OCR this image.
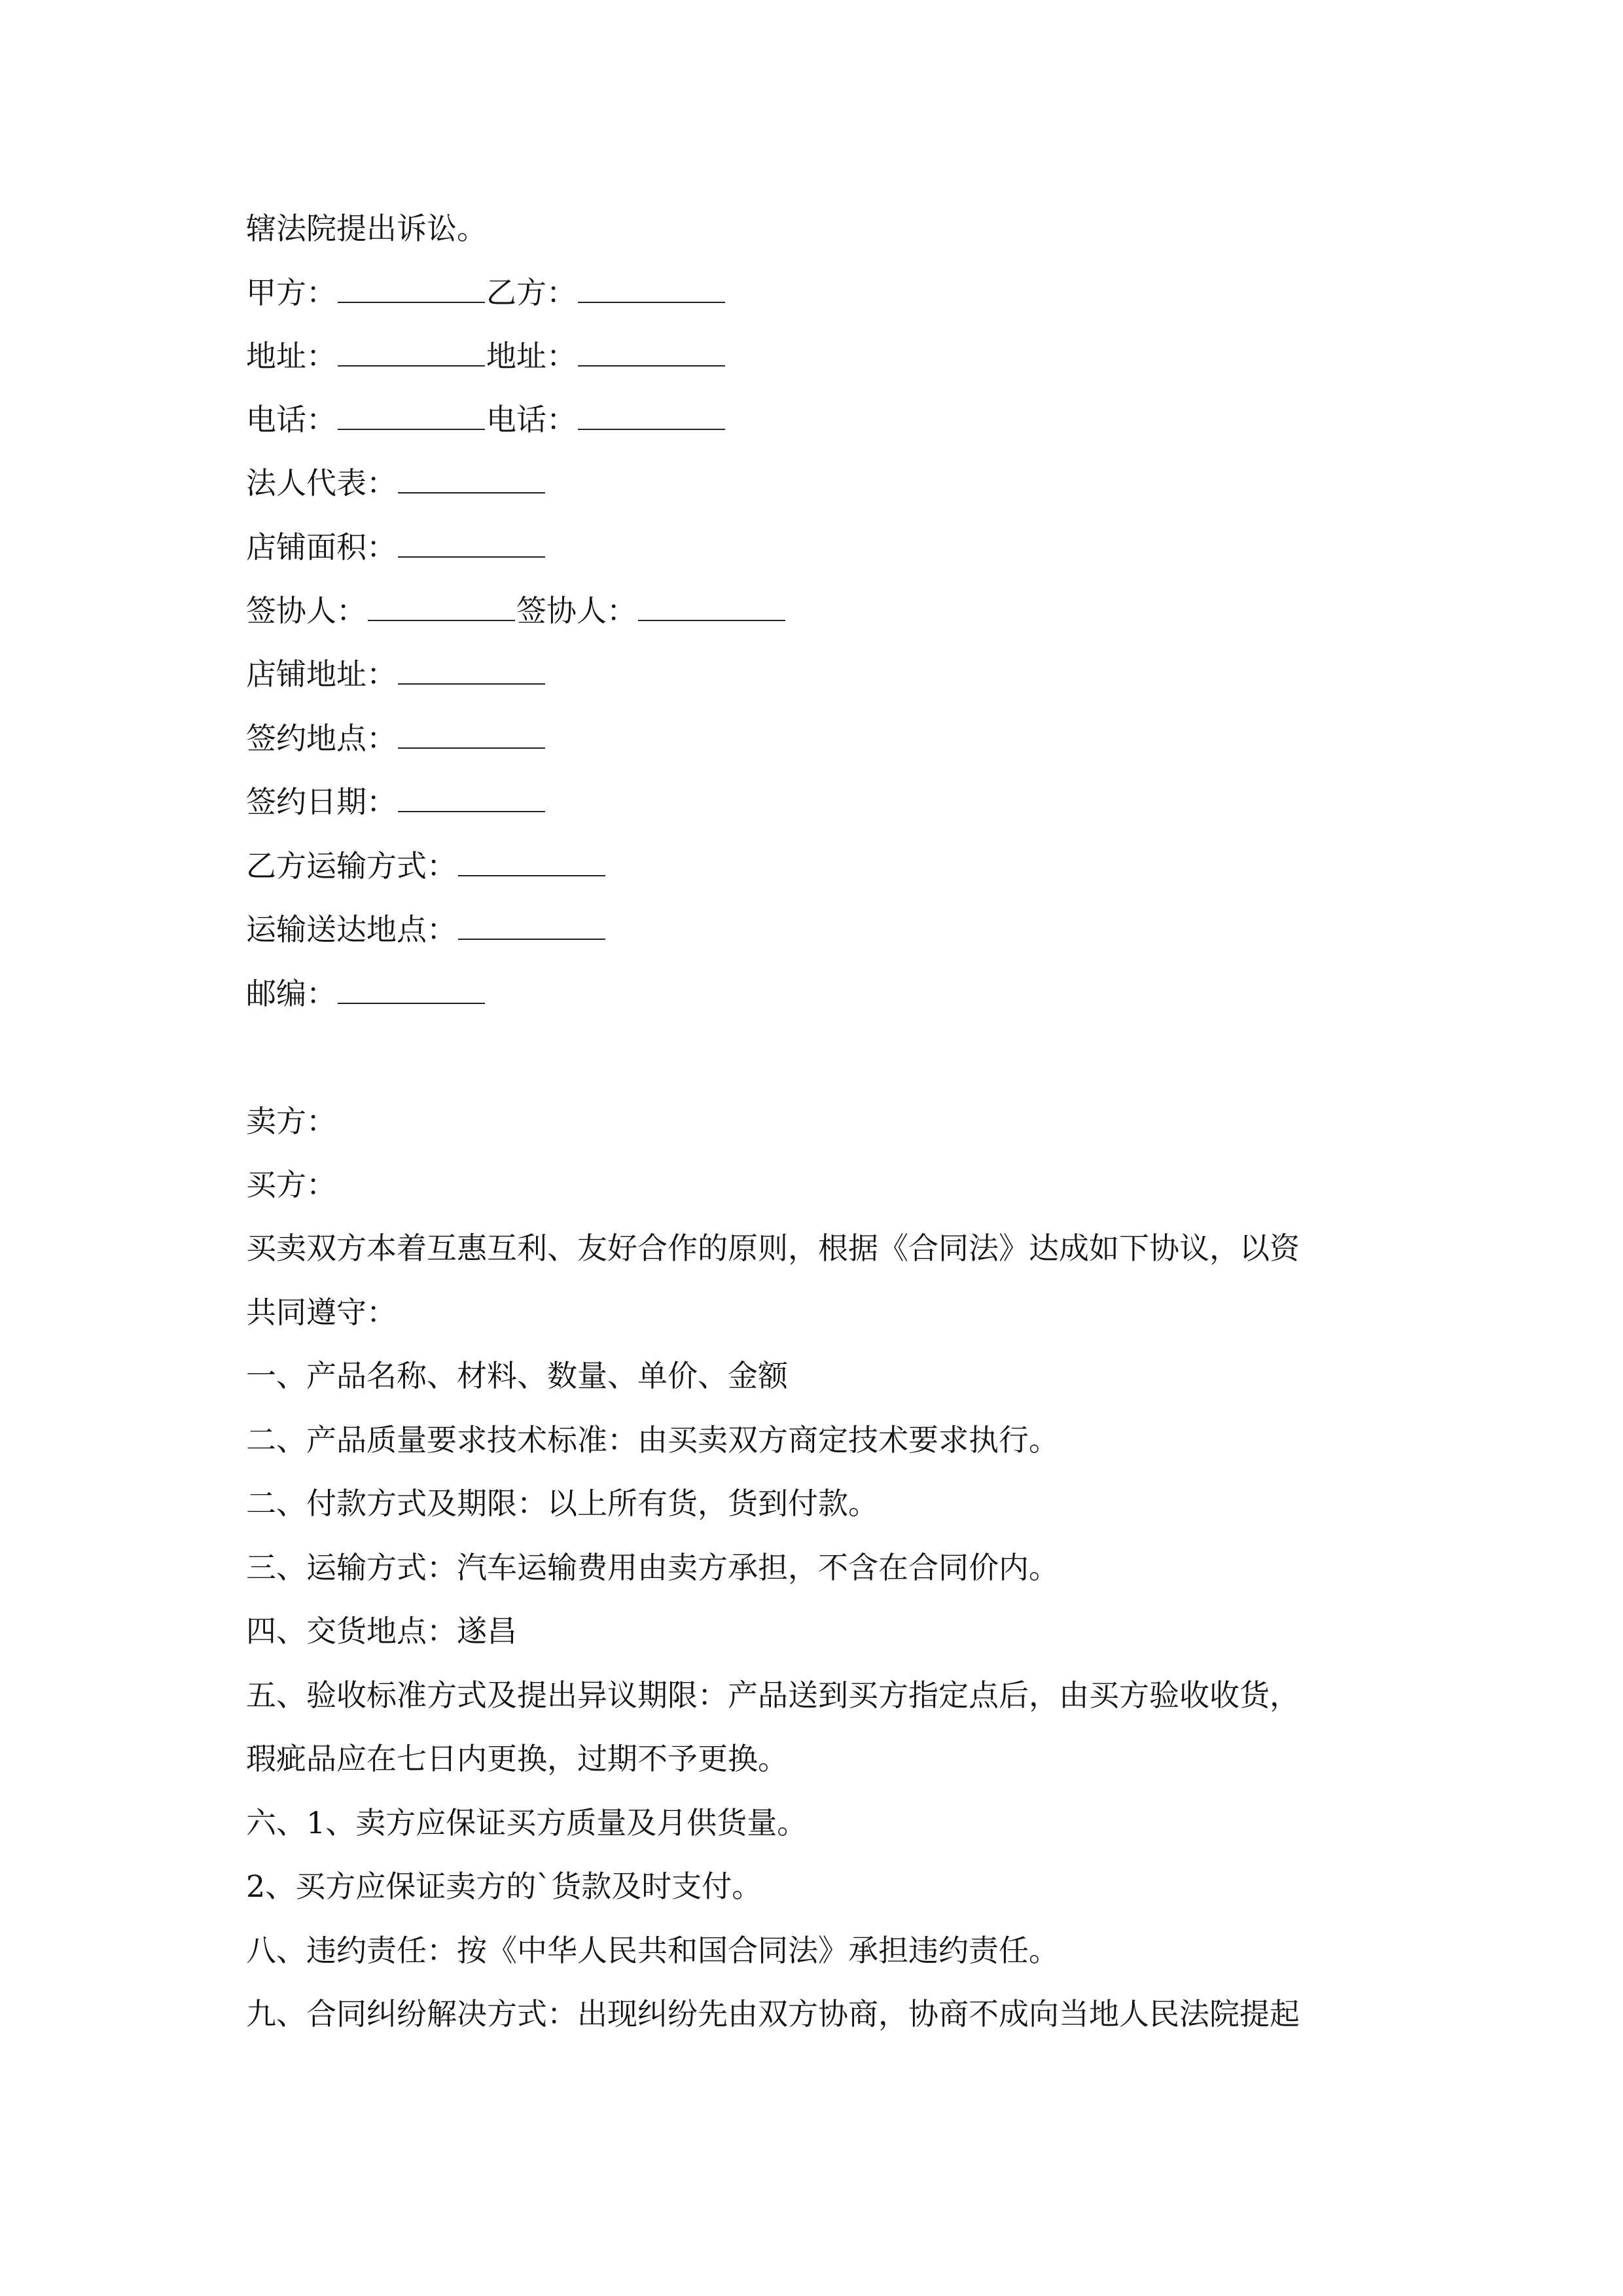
辖法院提出诉讼。
甲方：	乙方：
地址：	地址：
电话：	电话：
法人代表：
店铺面积：
签协人：	签协人：
店铺地址：
签约地点：
签约日期：
乙方运输方式：
运输送达地点：
邮编：
卖方：
买方：
买卖双方本着互惠互利、友好合作的原则，根据《合同法》达成如下协议，以资
共同遵守：
一、产品名称、材料、数量、单价、金额
二、产品质量要求技术标准：由买卖双方商定技术要求执行。
二、付款方式及期限：以上所有货，货到付款。
三、运输方式：汽车运输费用由卖方承担，不含在合同价内。
四、交货地点：遂昌
五、验收标准方式及提出异议期限：产品送到买方指定点后，由买方验收收货，
瑕疵品应在七日内更换，过期不予更换。
六、1、卖方应保证买方质量及月供货量。
2、买方应保证卖方的`货款及时支付。
八、违约责任：按《中华人民共和国合同法》承担违约责任。
九、合同纠纷解决方式：出现纠纷先由双方协商，协商不成向当地人民法院提起
